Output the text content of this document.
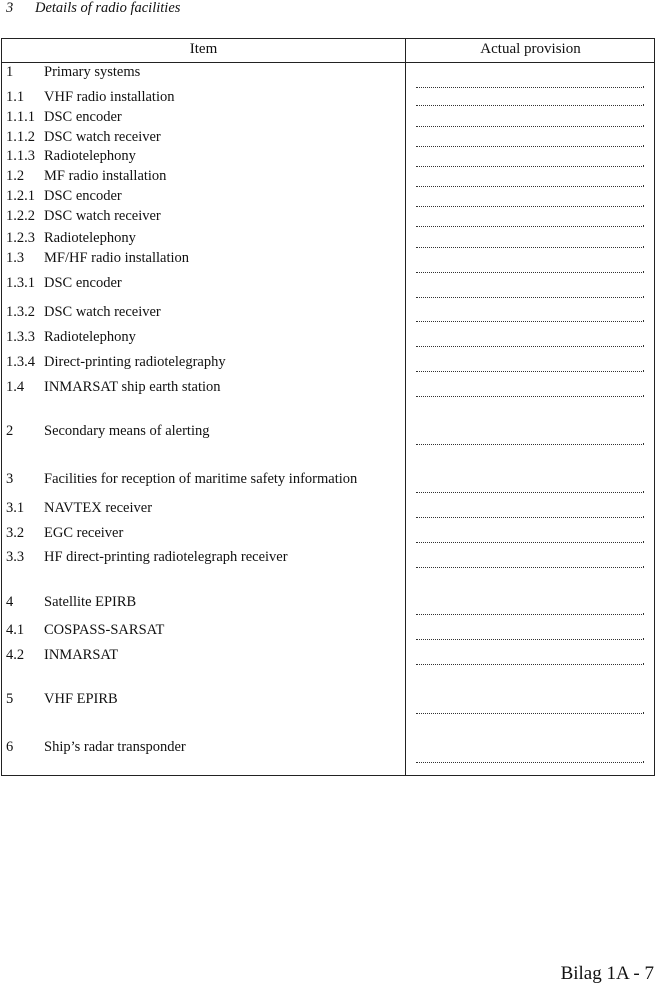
3 Details of radio facilities
Item	Actual provision
1 Primary systems
1.1 VHF radio installation
1.1.1 DSC encoder
1.1.2 DSC watch receiver
1.1.3 Radiotelephony
1.2 MF radio installation
1.2.1 DSC encoder
1.2.2 DSC watch receiver
1.2.3 Radiotelephony
1.3 MF/HF radio installation
1.3.1 DSC encoder
1.3.2 DSC watch receiver
1.3.3 Radiotelephony
1.3.4 Direct-printing radiotelegraphy
1.4 INMARSAT ship earth station
2 Secondary means of alerting
3 Facilities for reception of maritime safety information
3.1 NAVTEX receiver
3.2 EGC receiver
3.3 HF direct-printing radiotelegraph receiver
4 Satellite EPIRB
4.1 COSPASS-SARSAT
4.2 INMARSAT
5 VHF EPIRB
6 Ship’s radar transponder
Bilag 1A - 7
